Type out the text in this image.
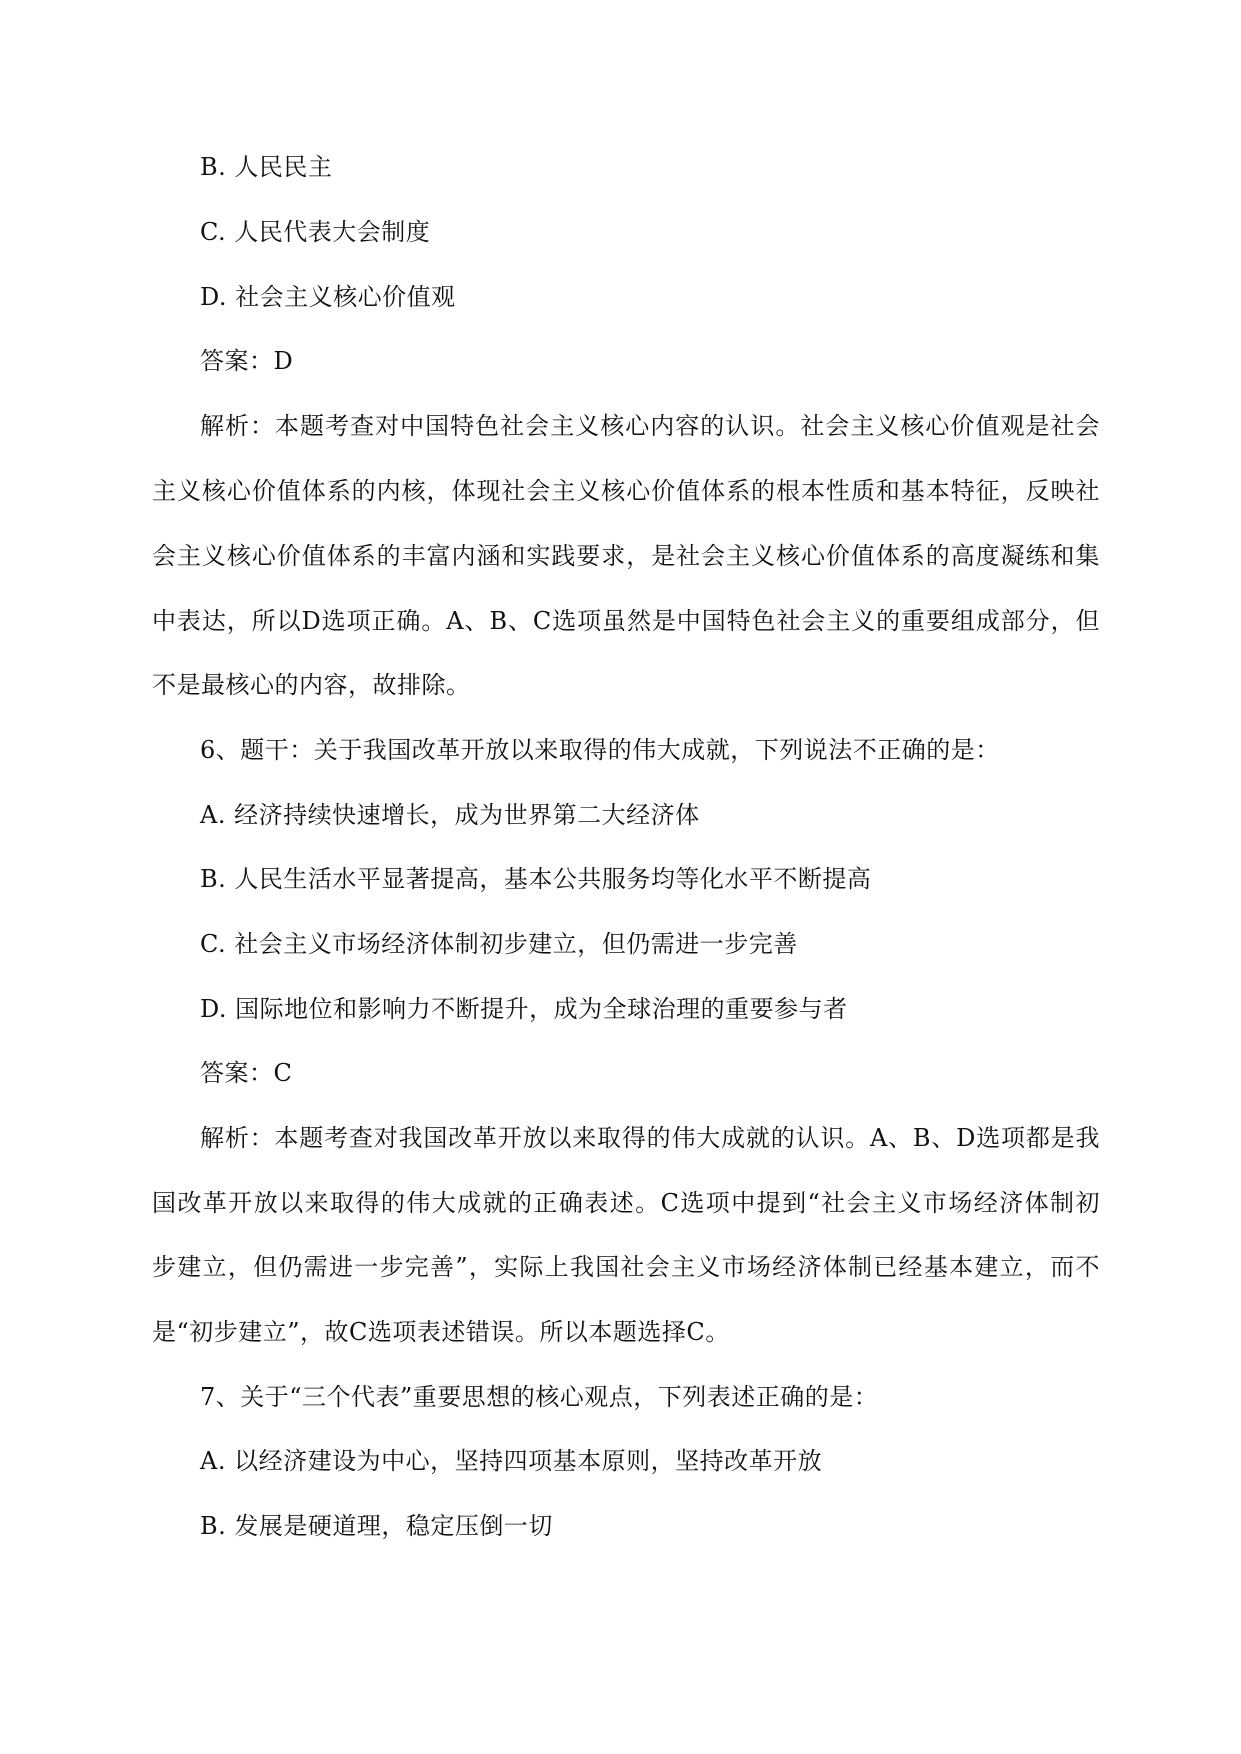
B. 人民民主
C. 人民代表大会制度
D. 社会主义核心价值观
答案：D
解析：本题考查对中国特色社会主义核心内容的认识。社会主义核心价值观是社会
主义核心价值体系的内核，体现社会主义核心价值体系的根本性质和基本特征，反映社
会主义核心价值体系的丰富内涵和实践要求，是社会主义核心价值体系的高度凝练和集
中表达，所以D选项正确。A、B、C选项虽然是中国特色社会主义的重要组成部分，但
不是最核心的内容，故排除。
6、题干：关于我国改革开放以来取得的伟大成就，下列说法不正确的是：
A. 经济持续快速增长，成为世界第二大经济体
B. 人民生活水平显著提高，基本公共服务均等化水平不断提高
C. 社会主义市场经济体制初步建立，但仍需进一步完善
D. 国际地位和影响力不断提升，成为全球治理的重要参与者
答案：C
解析：本题考查对我国改革开放以来取得的伟大成就的认识。A、B、D选项都是我
国改革开放以来取得的伟大成就的正确表述。C选项中提到“社会主义市场经济体制初
步建立，但仍需进一步完善”，实际上我国社会主义市场经济体制已经基本建立，而不
是“初步建立”，故C选项表述错误。所以本题选择C。
7、关于“三个代表”重要思想的核心观点，下列表述正确的是：
A. 以经济建设为中心，坚持四项基本原则，坚持改革开放
B. 发展是硬道理，稳定压倒一切
